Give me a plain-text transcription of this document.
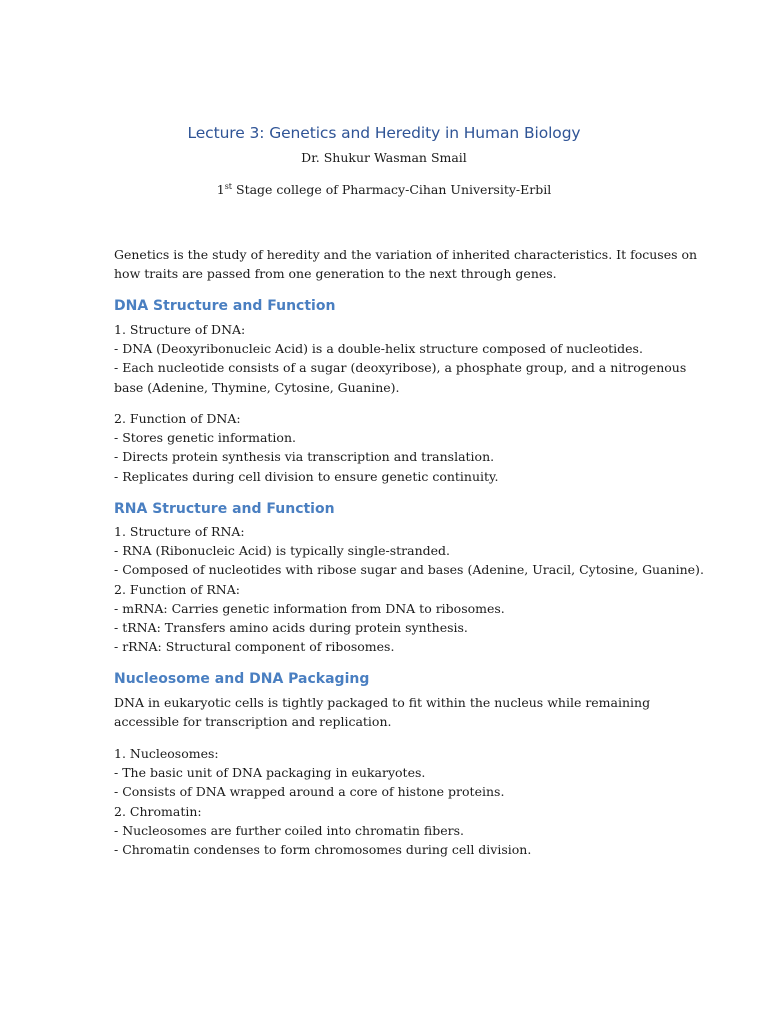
Lecture 3: Genetics and Heredity in Human Biology
Dr. Shukur Wasman Smail
1st Stage college of Pharmacy-Cihan University-Erbil

Genetics is the study of heredity and the variation of inherited characteristics. It focuses on
how traits are passed from one generation to the next through genes.

DNA Structure and Function

1. Structure of DNA:
- DNA (Deoxyribonucleic Acid) is a double-helix structure composed of nucleotides.
- Each nucleotide consists of a sugar (deoxyribose), a phosphate group, and a nitrogenous
base (Adenine, Thymine, Cytosine, Guanine).

2. Function of DNA:
- Stores genetic information.
- Directs protein synthesis via transcription and translation.
- Replicates during cell division to ensure genetic continuity.

RNA Structure and Function

1. Structure of RNA:
- RNA (Ribonucleic Acid) is typically single-stranded.
- Composed of nucleotides with ribose sugar and bases (Adenine, Uracil, Cytosine, Guanine).
2. Function of RNA:
- mRNA: Carries genetic information from DNA to ribosomes.
- tRNA: Transfers amino acids during protein synthesis.
- rRNA: Structural component of ribosomes.

Nucleosome and DNA Packaging

DNA in eukaryotic cells is tightly packaged to fit within the nucleus while remaining
accessible for transcription and replication.

1. Nucleosomes:
- The basic unit of DNA packaging in eukaryotes.
- Consists of DNA wrapped around a core of histone proteins.
2. Chromatin:
- Nucleosomes are further coiled into chromatin fibers.
- Chromatin condenses to form chromosomes during cell division.
